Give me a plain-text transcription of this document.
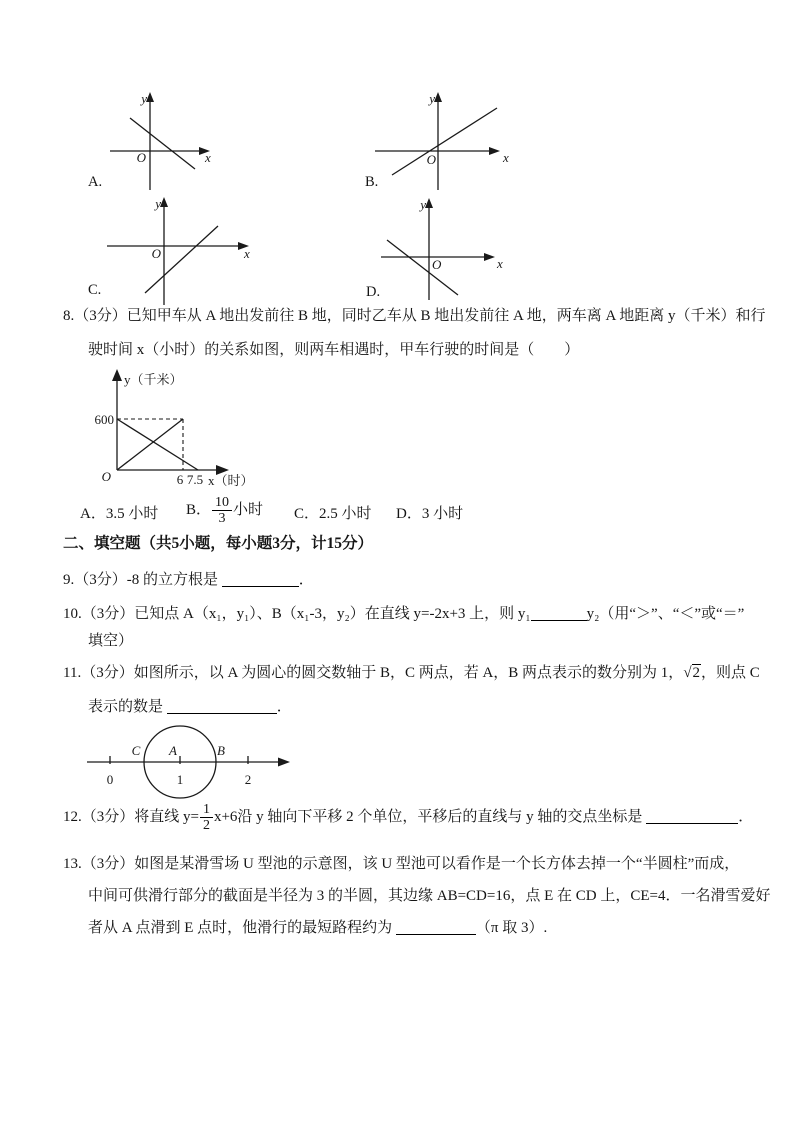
y
x
O
A.
y
x
O
B.
y
x
O
C.
y
x
O
D.
8.（3分）已知甲车从 A 地出发前往 B 地，同时乙车从 B 地出发前往 A 地，两车离 A 地距离 y（千米）和行
驶时间 x（小时）的关系如图，则两车相遇时，甲车行驶的时间是（　　）
y（千米）
600
O	6 7.5 x（时）
A．3.5 小时 B． $\frac{10}{3}$ 小时 C．2.5 小时 D．3 小时
二、填空题（共5小题，每小题3分，计15分）
9.（3分）-8 的立方根是	．
10.（3分）已知点 A（x₁，y₁）、B（x₁-3，y₂）在直线 y=-2x+3 上，则 y₁	y₂（用“＞”、“＜”或“＝”
填空）
11.（3分）如图所示，以 A 为圆心的圆交数轴于 B，C 两点，若 A，B 两点表示的数分别为 1，√2，则点 C
表示的数是	．
C A	B
0	1	2
12.（3分）将直线 $y= \frac{1}{2} x+6$沿 y 轴向下平移 2 个单位，平移后的直线与 y 轴的交点坐标是	．
13.（3分）如图是某滑雪场 U 型池的示意图，该 U 型池可以看作是一个长方体去掉一个“半圆柱”而成，
中间可供滑行部分的截面是半径为 3 的半圆，其边缘 AB=CD=16，点 E 在 CD 上，CE=4．一名滑雪爱好
者从 A 点滑到 E 点时，他滑行的最短路程约为	（π 取 3）.
